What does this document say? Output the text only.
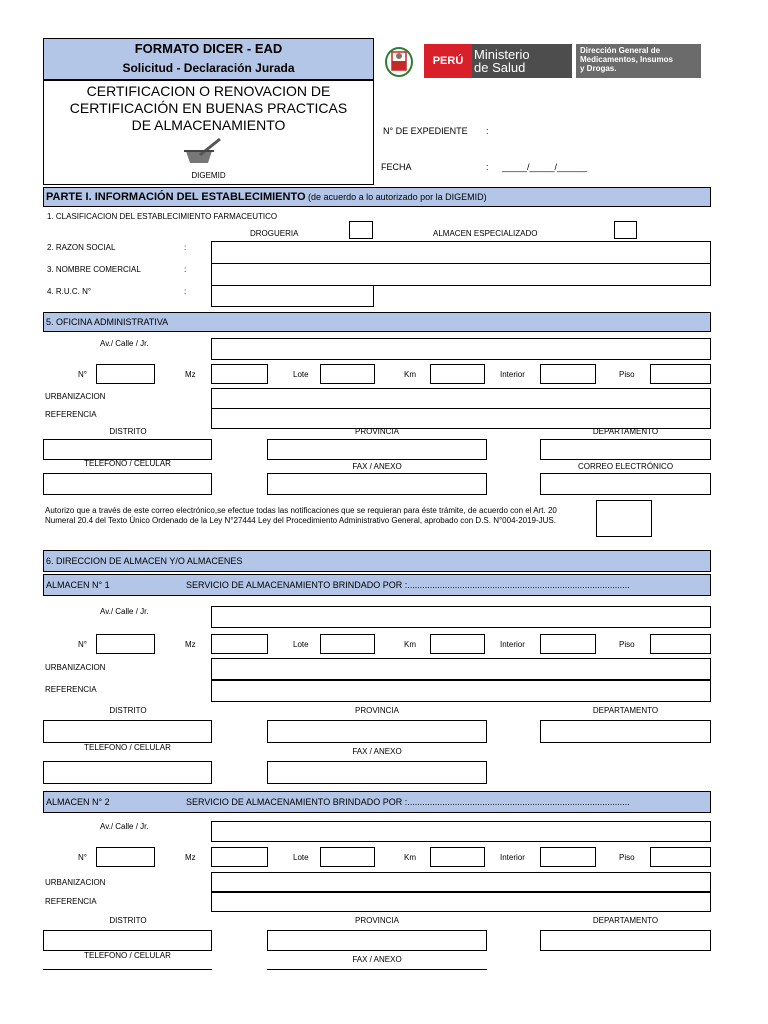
FORMATO DICER - EAD
Solicitud - Declaración Jurada
CERTIFICACION O RENOVACION DE
CERTIFICACIÓN EN BUENAS PRACTICAS
DE ALMACENAMIENTO
DIGEMID
PERÚ Ministerio
de Salud
Dirección General de
Medicamentos, Insumos
y Drogas.
N° DE EXPEDIENTE :
FECHA	: _____/_____/______
PARTE I. INFORMACIÓN DEL ESTABLECIMIENTO (de acuerdo a lo autorizado por la DIGEMID)
1. CLASIFICACION DEL ESTABLECIMIENTO FARMACEUTICO
DROGUERIA	ALMACEN ESPECIALIZADO
2. RAZON SOCIAL	:
3. NOMBRE COMERCIAL	:
4. R.U.C. N°	:
5. OFICINA ADMINISTRATIVA
Av./ Calle / Jr.
N°	Mz	Lote	Km	Interior	Piso
URBANIZACION
REFERENCIA
DISTRITO	PROVINCIA	DEPARTAMENTO
TELEFONO / CELULAR	FAX / ANEXO	CORREO ELECTRÓNICO
Autorizo que a través de este correo electrónico,se efectue todas las notificaciones que se requieran para éste trámite, de acuerdo con el Art. 20 Numeral 20.4 del Texto Único Ordenado de la Ley N°27444 Ley del Procedimiento Administrativo General, aprobado con D.S. N°004-2019-JUS.
6. DIRECCION DE ALMACEN Y/O ALMACENES
ALMACEN N° 1	SERVICIO DE ALMACENAMIENTO BRINDADO POR :.........................................................................................
Av./ Calle / Jr.
N°	Mz	Lote	Km	Interior	Piso
URBANIZACION
REFERENCIA
DISTRITO	PROVINCIA	DEPARTAMENTO
TELEFONO / CELULAR	FAX / ANEXO
ALMACEN N° 2	SERVICIO DE ALMACENAMIENTO BRINDADO POR :.........................................................................................
Av./ Calle / Jr.
N°	Mz	Lote	Km	Interior	Piso
URBANIZACION
REFERENCIA
DISTRITO	PROVINCIA	DEPARTAMENTO
TELEFONO / CELULAR	FAX / ANEXO
